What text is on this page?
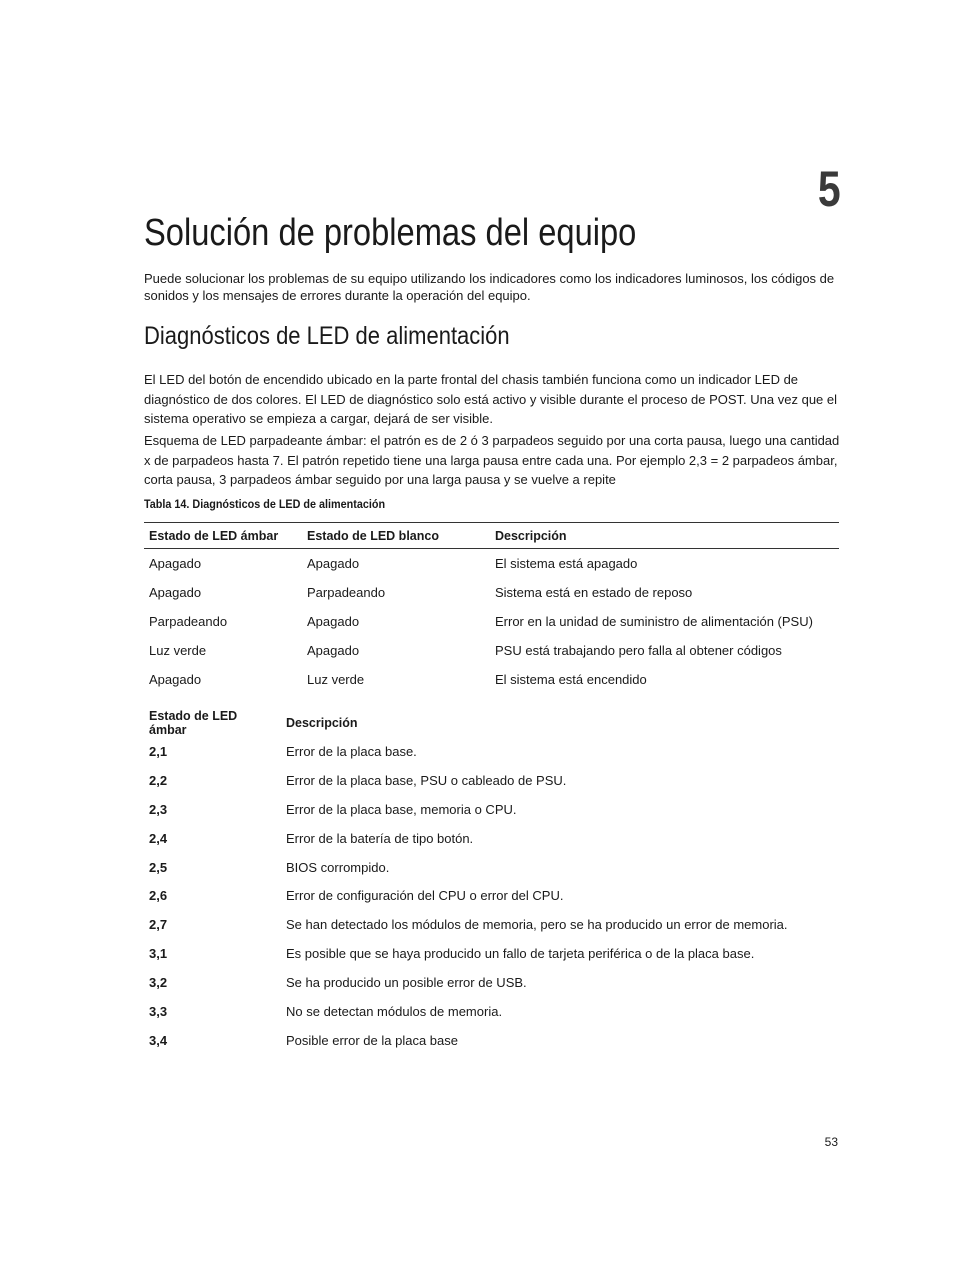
5
Solución de problemas del equipo

Puede solucionar los problemas de su equipo utilizando los indicadores como los indicadores luminosos, los códigos de sonidos y los mensajes de errores durante la operación del equipo.

Diagnósticos de LED de alimentación

El LED del botón de encendido ubicado en la parte frontal del chasis también funciona como un indicador LED de diagnóstico de dos colores. El LED de diagnóstico solo está activo y visible durante el proceso de POST. Una vez que el sistema operativo se empieza a cargar, dejará de ser visible.

Esquema de LED parpadeante ámbar: el patrón es de 2 ó 3 parpadeos seguido por una corta pausa, luego una cantidad x de parpadeos hasta 7. El patrón repetido tiene una larga pausa entre cada una. Por ejemplo 2,3 = 2 parpadeos ámbar, corta pausa, 3 parpadeos ámbar seguido por una larga pausa y se vuelve a repite

Tabla 14. Diagnósticos de LED de alimentación
Estado de LED ámbar	Estado de LED blanco	Descripción
Apagado	Apagado	El sistema está apagado
Apagado	Parpadeando	Sistema está en estado de reposo
Parpadeando	Apagado	Error en la unidad de suministro de alimentación (PSU)
Luz verde	Apagado	PSU está trabajando pero falla al obtener códigos
Apagado	Luz verde	El sistema está encendido
Estado de LED ámbar	Descripción
2,1	Error de la placa base.
2,2	Error de la placa base, PSU o cableado de PSU.
2,3	Error de la placa base, memoria o CPU.
2,4	Error de la batería de tipo botón.
2,5	BIOS corrompido.
2,6	Error de configuración del CPU o error del CPU.
2,7	Se han detectado los módulos de memoria, pero se ha producido un error de memoria.
3,1	Es posible que se haya producido un fallo de tarjeta periférica o de la placa base.
3,2	Se ha producido un posible error de USB.
3,3	No se detectan módulos de memoria.
3,4	Posible error de la placa base
53
